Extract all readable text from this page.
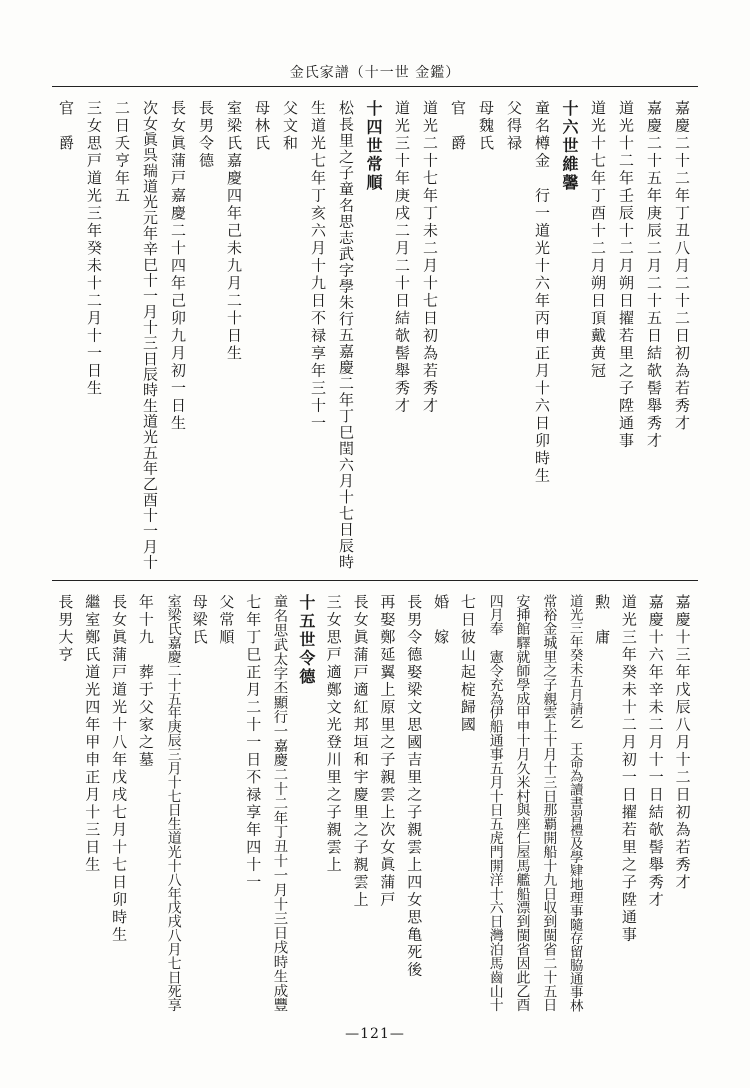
金氏家譜（十一世 金鑑）
嘉慶二十二年丁丑八月二十二日初為若秀才
嘉慶二十五年庚辰二月二十五日結欹髻舉秀才
道光十二年壬辰十二月朔日擢若里之子陞通事
道光十七年丁酉十二月朔日頂戴黄冠
十六世維馨
童名樽金　行一道光十六年丙申正月十六日卯時生
父得禄
母魏氏
官　爵
道光二十七年丁未二月十七日初為若秀才
道光三十年庚戌二月二十日結欹髻舉秀才
十四世常順
松長里之子童名思志武字學朱行五嘉慶二年丁巳閏六月十七日辰時
生道光七年丁亥六月十九日不禄享年三十一
父文和
母林氏
室梁氏嘉慶四年己未九月二十日生
長男令德
長女眞蒲戸嘉慶二十四年己卯九月初一日生
次女眞呉瑞道光元年辛巳十一月十三日辰時生道光五年乙酉十一月十
二日夭亨年五
三女思戸道光三年癸未十二月十一日生
官　爵
嘉慶十三年戊辰八月十二日初為若秀才
嘉慶十六年辛未二月十一日結欹髻舉秀才
道光三年癸未十二月初一日擢若里之子陞通事
勲　庸
道光三年癸未五月請乞　王命為讀書習禮及學肄地理事隨存留脇通事林
常裕金城里之子親雲上十月十三日那覇開船十九日収到閩省二十五日
安挿館驛就師學成甲申十月久米村與座仁屋馬艦船漂到閩省因此乙酉
四月奉　憲令充為伊船通事五月十日五虎門開洋十六日灣泊馬齒山十
七日彼山起椗歸國
婚　嫁
長男令德娶梁文思國吉里之子親雲上四女思亀死後
再娶鄭延翼上原里之子親雲上次女眞蒲戸
長女眞蒲戸適紅邦垣和宇慶里之子親雲上
三女思戸適鄭文光登川里之子親雲上
十五世令德
童名思武太字丕顯行一嘉慶二十二年丁丑十一月十三日戌時生成豐
七年丁巳正月二十一日不禄享年四十一
父常順
母梁氏
室梁氏嘉慶二十五年庚辰三月十七日生道光十八年戊戌八月七日死享
年十九　葬于父家之墓
長女眞蒲戸道光十八年戊戌七月十七日卯時生
繼室鄭氏道光四年甲申正月十三日生
長男大亨
—121—
